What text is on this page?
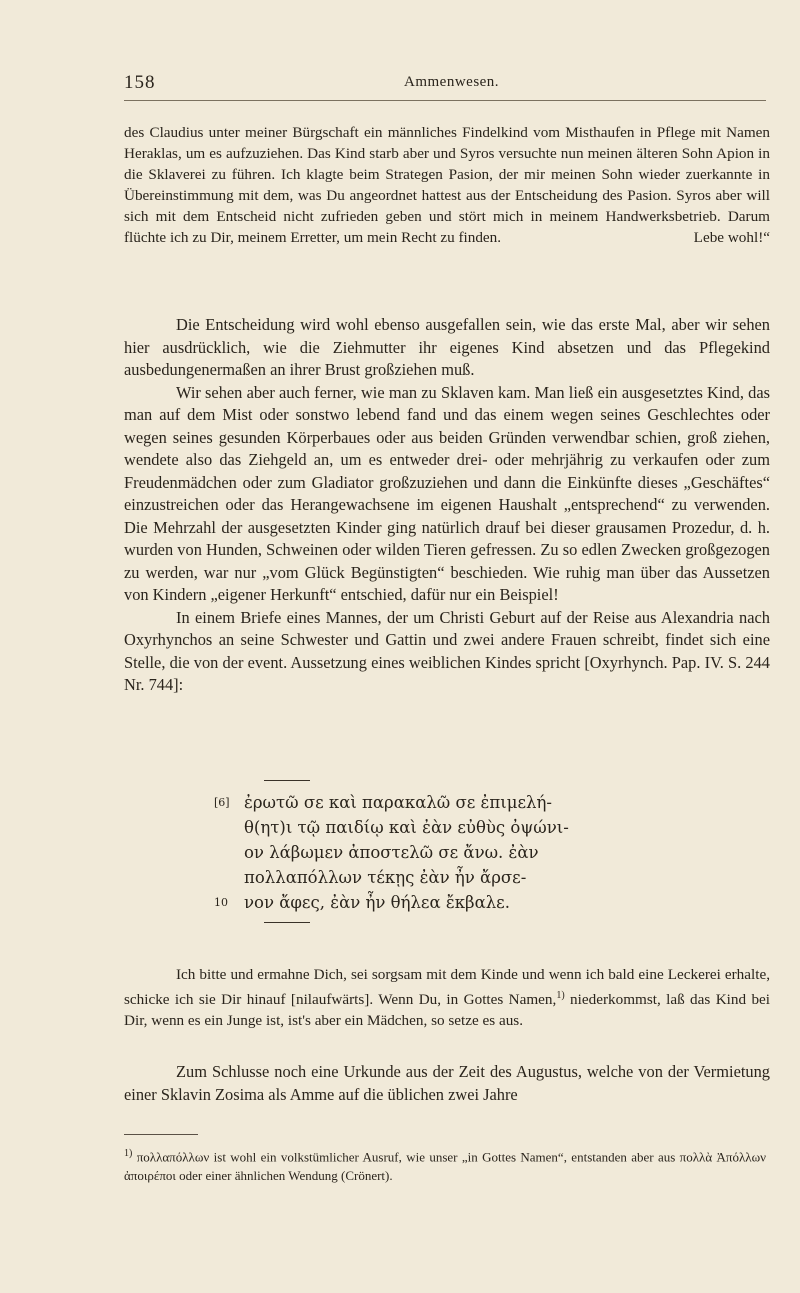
158	Ammenwesen.
des Claudius unter meiner Bürgschaft ein männliches Findelkind vom Misthaufen in Pflege mit Namen Heraklas, um es aufzuziehen. Das Kind starb aber und Syros versuchte nun meinen älteren Sohn Apion in die Sklaverei zu führen. Ich klagte beim Strategen Pasion, der mir meinen Sohn wieder zuerkannte in Übereinstimmung mit dem, was Du angeordnet hattest aus der Entscheidung des Pasion. Syros aber will sich mit dem Entscheid nicht zufrieden geben und stört mich in meinem Handwerksbetrieb. Darum flüchte ich zu Dir, meinem Erretter, um mein Recht zu finden.	Lebe wohl!“

Die Entscheidung wird wohl ebenso ausgefallen sein, wie das erste Mal, aber wir sehen hier ausdrücklich, wie die Ziehmutter ihr eigenes Kind absetzen und das Pflegekind ausbedungenermaßen an ihrer Brust großziehen muß.

Wir sehen aber auch ferner, wie man zu Sklaven kam. Man ließ ein ausgesetztes Kind, das man auf dem Mist oder sonstwo lebend fand und das einem wegen seines Geschlechtes oder wegen seines gesunden Körperbaues oder aus beiden Gründen verwendbar schien, groß ziehen, wendete also das Ziehgeld an, um es entweder drei- oder mehrjährig zu verkaufen oder zum Freudenmädchen oder zum Gladiator großzuziehen und dann die Einkünfte dieses „Geschäftes“ einzustreichen oder das Herangewachsene im eigenen Haushalt „entsprechend“ zu verwenden. Die Mehrzahl der ausgesetzten Kinder ging natürlich drauf bei dieser grausamen Prozedur, d. h. wurden von Hunden, Schweinen oder wilden Tieren gefressen. Zu so edlen Zwecken großgezogen zu werden, war nur „vom Glück Begünstigten“ beschieden. Wie ruhig man über das Aussetzen von Kindern „eigener Herkunft“ entschied, dafür nur ein Beispiel!

In einem Briefe eines Mannes, der um Christi Geburt auf der Reise aus Alexandria nach Oxyrhynchos an seine Schwester und Gattin und zwei andere Frauen schreibt, findet sich eine Stelle, die von der event. Aussetzung eines weiblichen Kindes spricht [Oxyrhynch. Pap. IV. S. 244 Nr. 744]:

[6] ἐρωτῶ σε καὶ παρακαλῶ σε ἐπιμελή-
θ(ητ)ι τῷ παιδίῳ καὶ ἐὰν εὐθὺς ὀψώνι-
ον λάβωμεν ἀποστελῶ σε ἄνω. ἐὰν
πολλαπόλλων τέκῃς ἐὰν ἦν ἄρσε-
10 νον ἄφες, ἐὰν ἦν θήλεα ἔκβαλε.

Ich bitte und ermahne Dich, sei sorgsam mit dem Kinde und wenn ich bald eine Leckerei erhalte, schicke ich sie Dir hinauf [nilaufwärts]. Wenn Du, in Gottes Namen,$^{1)}$ niederkommst, laß das Kind bei Dir, wenn es ein Junge ist, ist's aber ein Mädchen, so setze es aus.

Zum Schlusse noch eine Urkunde aus der Zeit des Augustus, welche von der Vermietung einer Sklavin Zosima als Amme auf die üblichen zwei Jahre

$^{1)}$ πολλαπόλλων ist wohl ein volkstümlicher Ausruf, wie unser „in Gottes Namen“, entstanden aber aus πολλὰ Ἀπόλλων ἀποιρέποι oder einer ähnlichen Wendung (Crönert).
